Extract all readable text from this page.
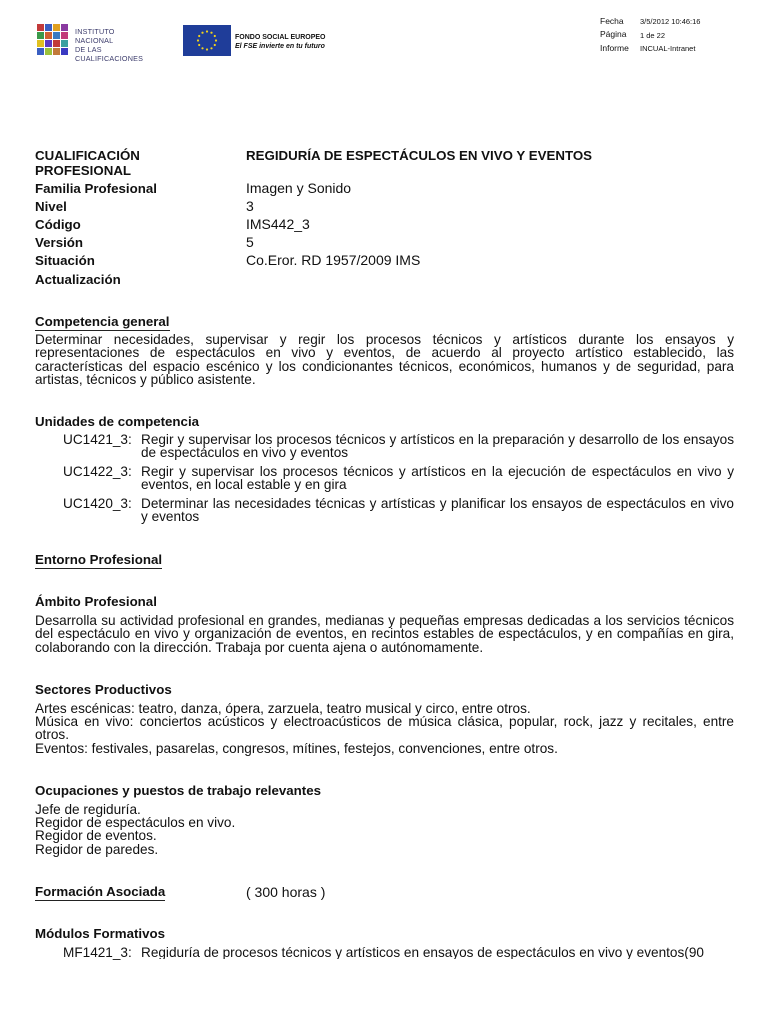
INSTITUTO
NACIONAL
DE LAS CUALIFICACIONES
FONDO SOCIAL EUROPEO
El FSE invierte en tu futuro
Fecha 3/5/2012 10:46:16
Página 1 de 22
Informe INCUAL-Intranet
CUALIFICACIÓN
PROFESIONAL
REGIDURÍA DE ESPECTÁCULOS EN VIVO Y EVENTOS
Familia Profesional	Imagen y Sonido
Nivel	3
Código	IMS442_3
Versión	5
Situación	Co.Eror. RD 1957/2009 IMS
Actualización
Competencia general
Determinar necesidades, supervisar y regir los procesos técnicos y artísticos durante los ensayos y representaciones de espectáculos en vivo y eventos, de acuerdo al proyecto artístico establecido, las características del espacio escénico y los condicionantes técnicos, económicos, humanos y de seguridad, para artistas, técnicos y público asistente.
Unidades de competencia
UC1421_3: Regir y supervisar los procesos técnicos y artísticos en la preparación y desarrollo de los ensayos de espectáculos en vivo y eventos
UC1422_3: Regir y supervisar los procesos técnicos y artísticos en la ejecución de espectáculos en vivo y eventos, en local estable y en gira
UC1420_3: Determinar las necesidades técnicas y artísticas y planificar los ensayos de espectáculos en vivo y eventos
Entorno Profesional
Ámbito Profesional
Desarrolla su actividad profesional en grandes, medianas y pequeñas empresas dedicadas a los servicios técnicos del espectáculo en vivo y organización de eventos, en recintos estables de espectáculos, y en compañías en gira, colaborando con la dirección. Trabaja por cuenta ajena o autónomamente.
Sectores Productivos
Artes escénicas: teatro, danza, ópera, zarzuela, teatro musical y circo, entre otros.
Música en vivo: conciertos acústicos y electroacústicos de música clásica, popular, rock, jazz y recitales, entre otros.
Eventos: festivales, pasarelas, congresos, mítines, festejos, convenciones, entre otros.
Ocupaciones y puestos de trabajo relevantes
Jefe de regiduría.
Regidor de espectáculos en vivo.
Regidor de eventos.
Regidor de paredes.
Formación Asociada	( 300 horas )
Módulos Formativos
MF1421_3: Regiduría de procesos técnicos y artísticos en ensayos de espectáculos en vivo y eventos(90
